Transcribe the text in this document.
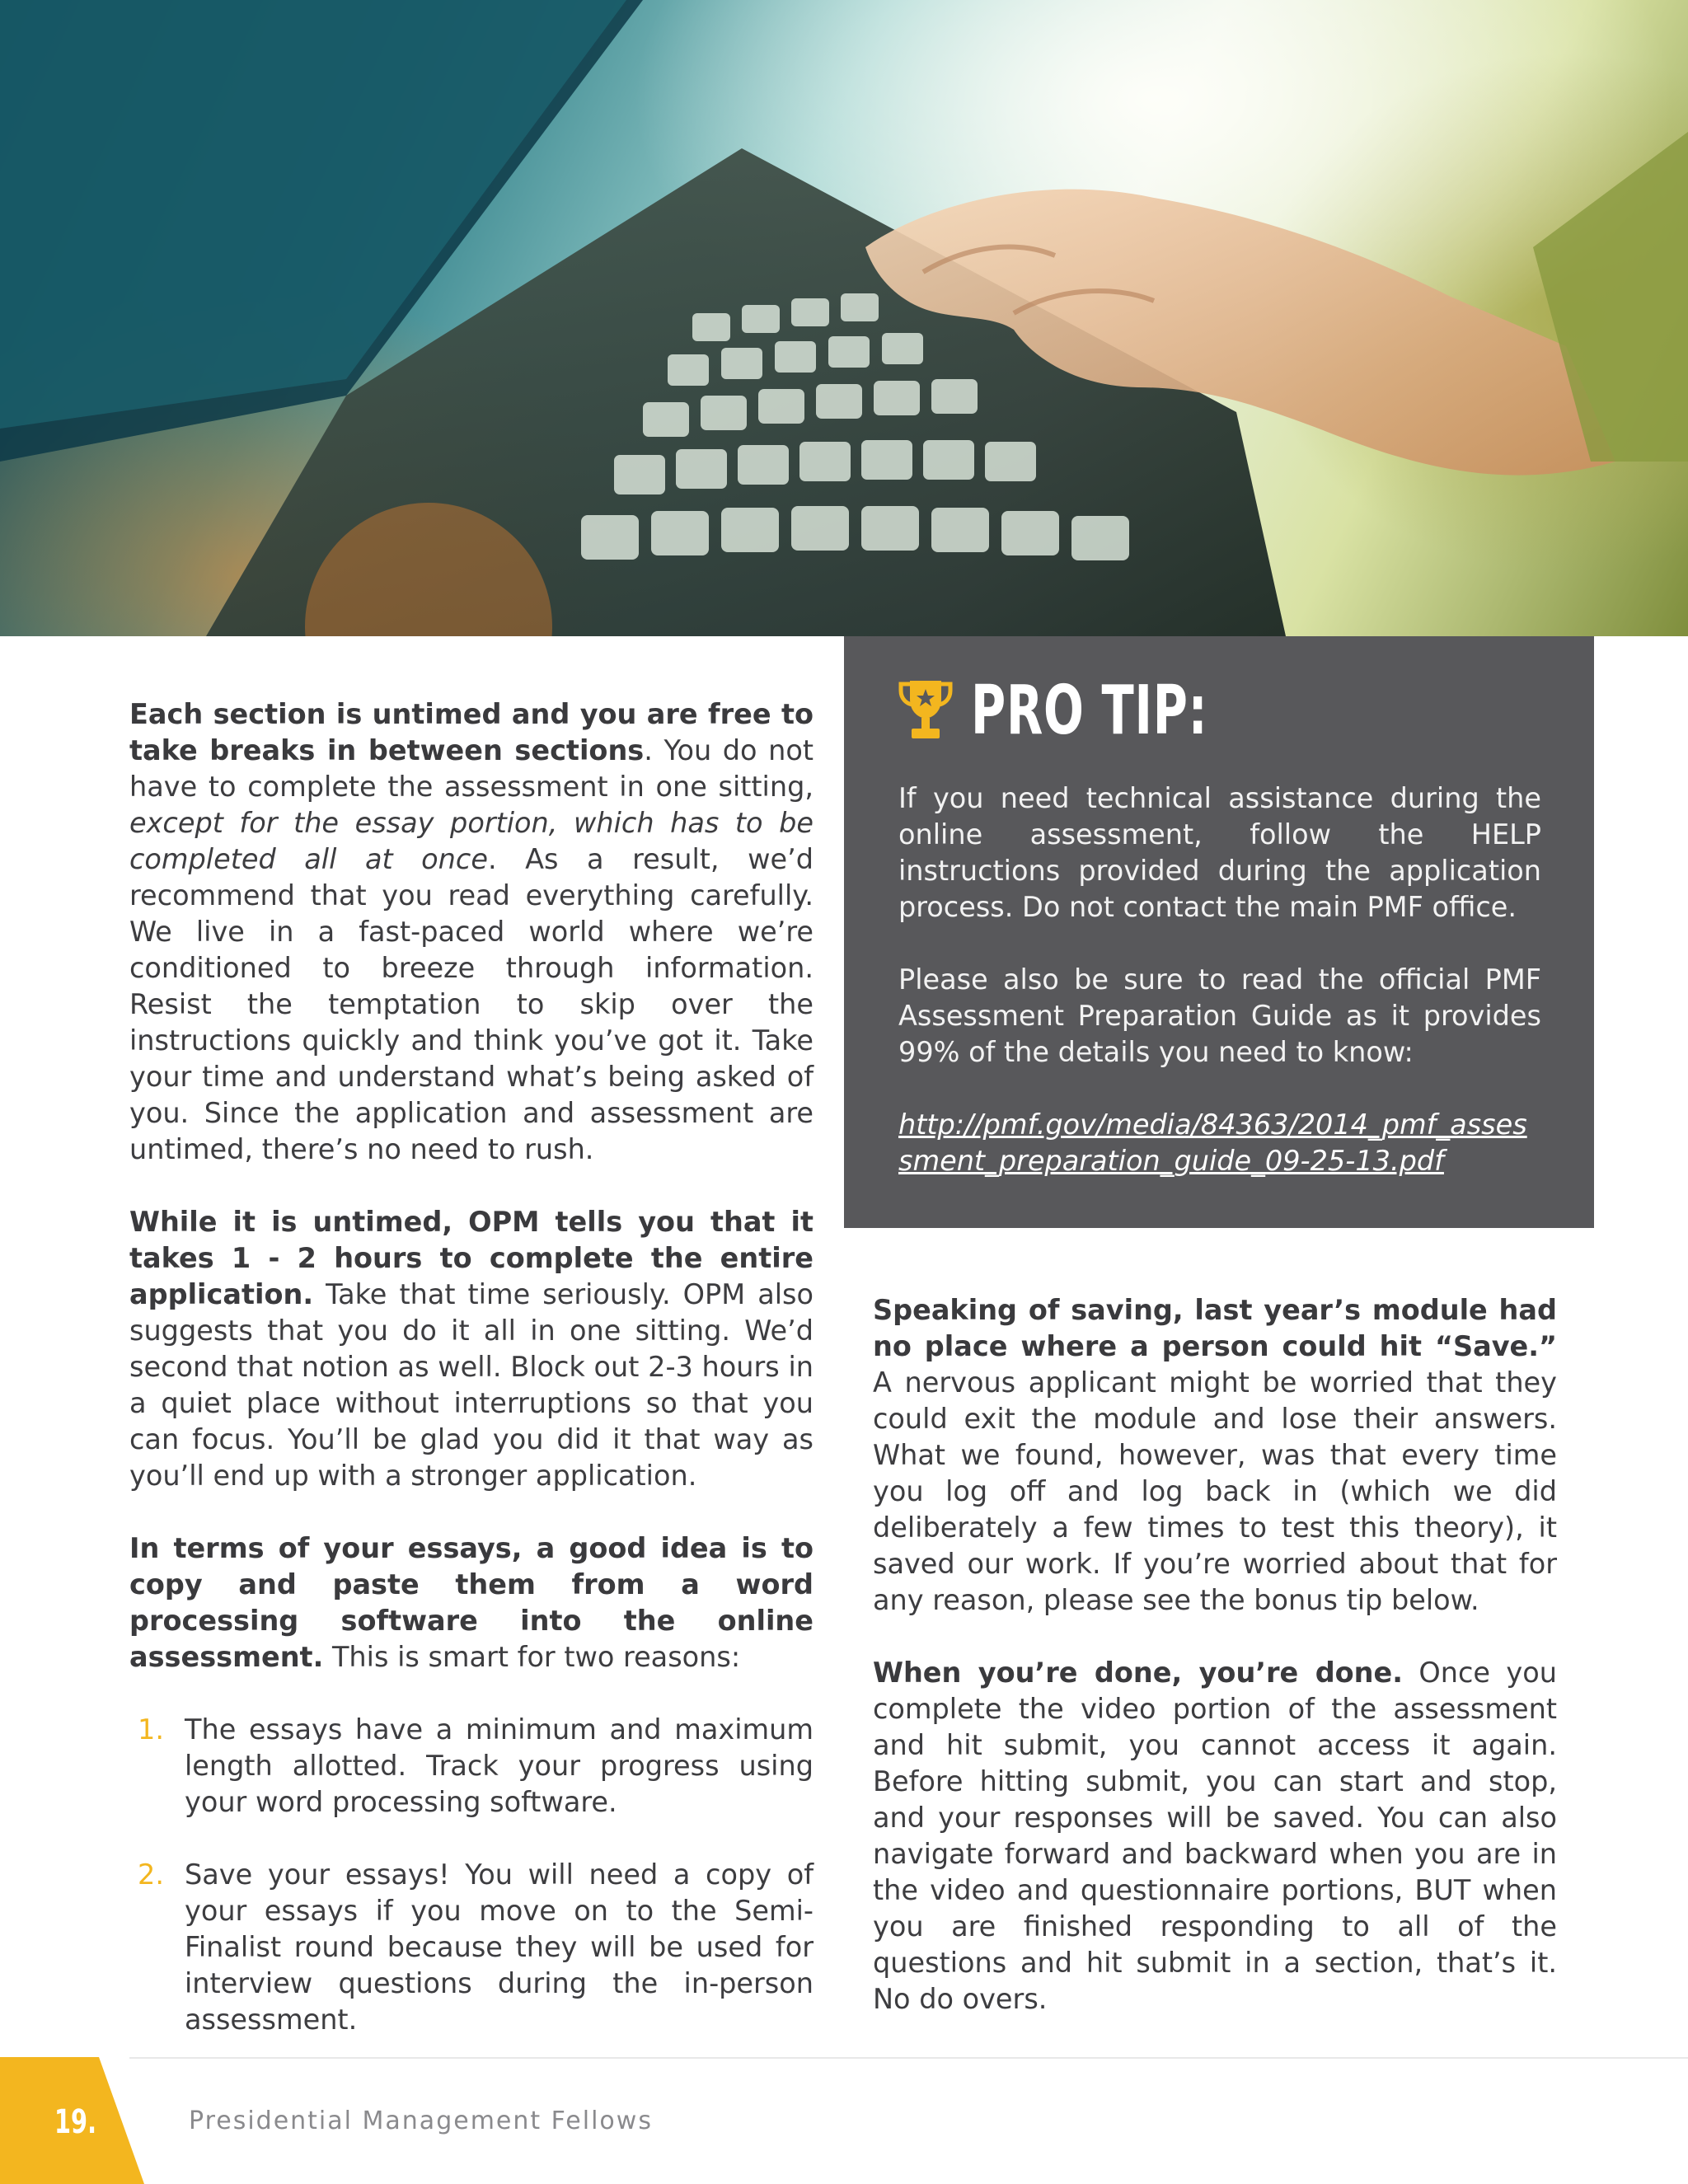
Each section is untimed and you are free to take breaks in between sections. You do not have to complete the assessment in one sitting, except for the essay portion, which has to be completed all at once. As a result, we’d recommend that you read everything carefully. We live in a fast-paced world where we’re conditioned to breeze through information. Resist the temptation to skip over the instructions quickly and think you’ve got it. Take your time and understand what’s being asked of you. Since the application and assessment are untimed, there’s no need to rush.

While it is untimed, OPM tells you that it takes 1 - 2 hours to complete the entire application. Take that time seriously. OPM also suggests that you do it all in one sitting. We’d second that notion as well. Block out 2-3 hours in a quiet place without interruptions so that you can focus. You’ll be glad you did it that way as you’ll end up with a stronger application.

In terms of your essays, a good idea is to copy and paste them from a word processing software into the online assessment. This is smart for two reasons:

1. The essays have a minimum and maximum length allotted. Track your progress using your word processing software.
2. Save your essays! You will need a copy of your essays if you move on to the Semi-Finalist round because they will be used for interview questions during the in-person assessment.
PRO TIP:

If you need technical assistance during the online assessment, follow the HELP instructions provided during the application process. Do not contact the main PMF office.

Please also be sure to read the official PMF Assessment Preparation Guide as it provides 99% of the details you need to know:

http://pmf.gov/media/84363/2014_pmf_assessment_preparation_guide_09-25-13.pdf

Speaking of saving, last year’s module had no place where a person could hit “Save.” A nervous applicant might be worried that they could exit the module and lose their answers. What we found, however, was that every time you log off and log back in (which we did deliberately a few times to test this theory), it saved our work. If you’re worried about that for any reason, please see the bonus tip below.

When you’re done, you’re done. Once you complete the video portion of the assessment and hit submit, you cannot access it again. Before hitting submit, you can start and stop, and your responses will be saved. You can also navigate forward and backward when you are in the video and questionnaire portions, BUT when you are finished responding to all of the questions and hit submit in a section, that’s it. No do overs.

19.	Presidential Management Fellows
